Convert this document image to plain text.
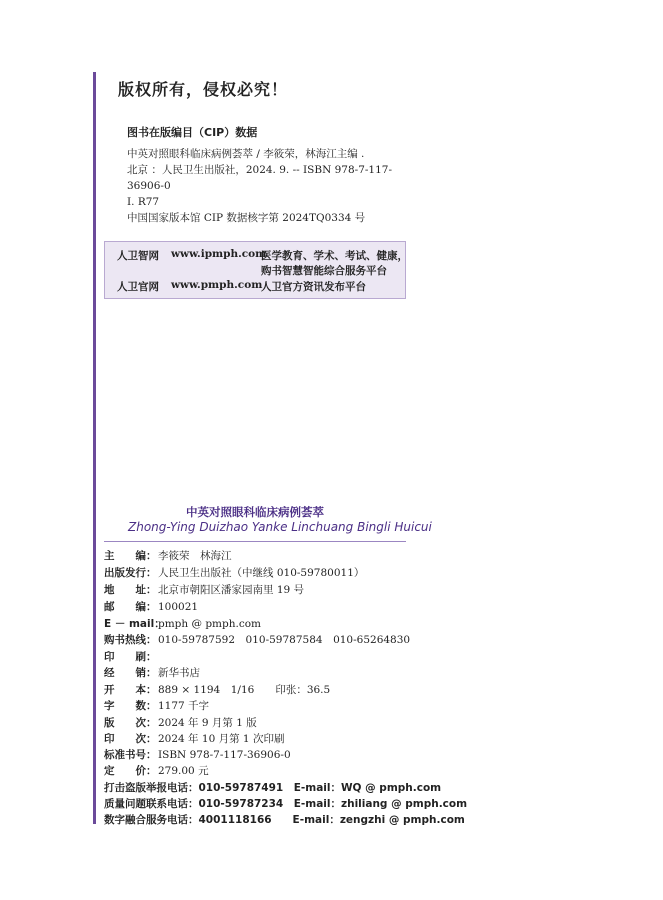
版权所有，侵权必究！
图书在版编目（CIP）数据
中英对照眼科临床病例荟萃 / 李筱荣，林海江主编 .
北京 ：人民卫生出版社，2024. 9. -- ISBN 978-7-117-
36906-0
Ⅰ. R77
中国国家版本馆 CIP 数据核字第 2024TQ0334 号
人卫智网 www.ipmph.com
医学教育、学术、考试、健康，
购书智慧智能综合服务平台
人卫官网 www.pmph.com
人卫官方资讯发布平台
中英对照眼科临床病例荟萃
Zhong-Ying Duizhao Yanke Linchuang Bingli Huicui
主　　编： 李筱荣　林海江
出版发行： 人民卫生出版社（中继线 010-59780011）
地　　址： 北京市朝阳区潘家园南里 19 号
邮　　编： 100021
E － mail：pmph @ pmph.com
购书热线： 010-59787592　010-59787584　010-65264830
印　　刷：
经　　销： 新华书店
开　　本： 889 × 1194　1/16　　印张：36.5
字　　数： 1177 千字
版　　次： 2024 年 9 月第 1 版
印　　次： 2024 年 10 月第 1 次印刷
标准书号： ISBN 978-7-117-36906-0
定　　价： 279.00 元
打击盗版举报电话：010-59787491　E-mail：WQ @ pmph.com
质量问题联系电话：010-59787234　E-mail：zhiliang @ pmph.com
数字融合服务电话：4001118166　　E-mail：zengzhi @ pmph.com
